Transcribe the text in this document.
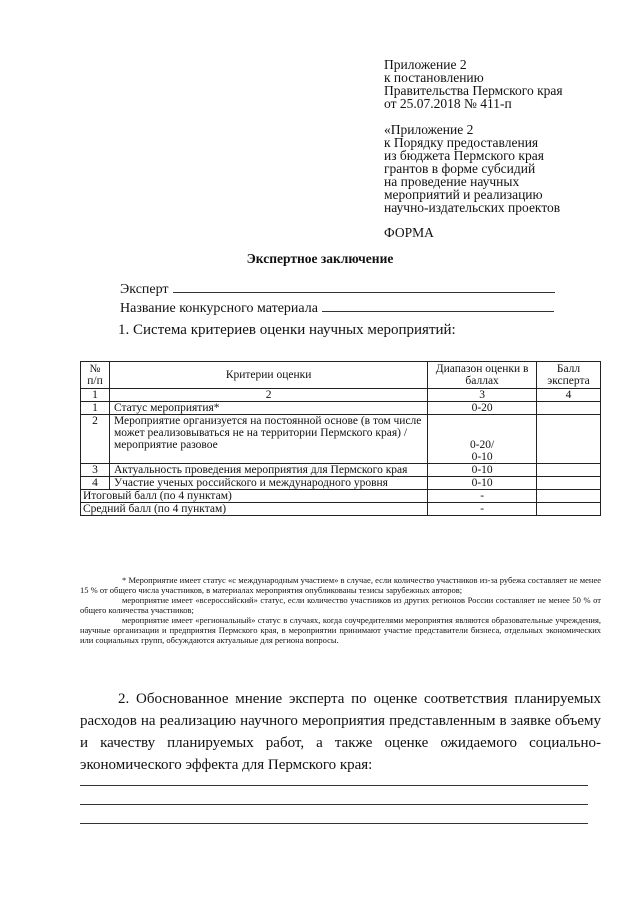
Приложение 2
к постановлению
Правительства Пермского края
от 25.07.2018 № 411-п
«Приложение 2
к Порядку предоставления
из бюджета Пермского края
грантов в форме субсидий
на проведение научных
мероприятий и реализацию
научно-издательских проектов
ФОРМА
Экспертное заключение
Эксперт
Название конкурсного материала
1. Система критериев оценки научных мероприятий:
№ п/п	Критерии оценки	Диапазон оценки в баллах	Балл эксперта
1	2	3	4
1	Статус мероприятия*	0-20	
2	Мероприятие организуется на постоянной основе (в том числе может реализовываться не на территории Пермского края) / мероприятие разовое	0-20/
0-10	

3	Актуальность проведения мероприятия для Пермского края	0-10	
4	Участие ученых российского и международного уровня	0-10	
Итоговый балл (по 4 пунктам)		-	
Средний балл (по 4 пунктам)		-	

* Мероприятие имеет статус «с международным участием» в случае, если количество участников из-за рубежа составляет не менее 15 % от общего числа участников, в материалах мероприятия опубликованы тезисы зарубежных авторов;

мероприятие имеет «всероссийский» статус, если количество участников из других регионов России составляет не менее 50 % от общего количества участников;

мероприятие имеет «региональный» статус в случаях, когда соучредителями мероприятия являются образовательные учреждения, научные организации и предприятия Пермского края, в мероприятии принимают участие представители бизнеса, отдельных экономических или социальных групп, обсуждаются актуальные для региона вопросы.

2. Обоснованное мнение эксперта по оценке соответствия планируемых расходов на реализацию научного мероприятия представленным в заявке объему и качеству планируемых работ, а также оценке ожидаемого социально-экономического эффекта для Пермского края:
